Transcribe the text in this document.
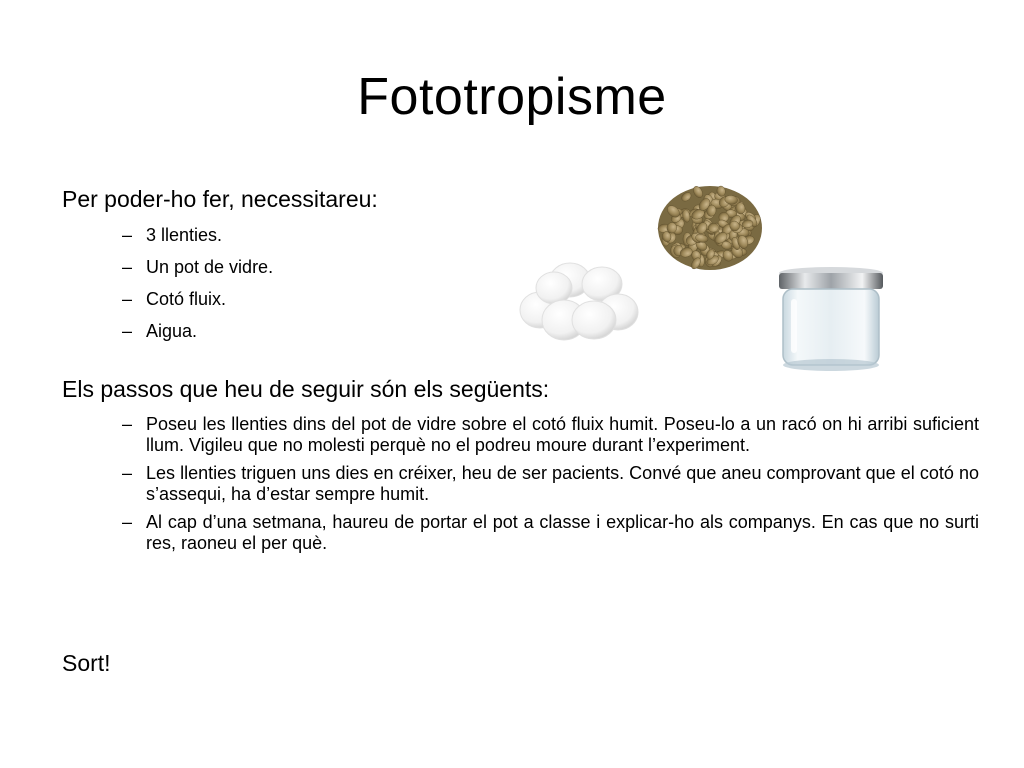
Fototropisme
Per poder-ho fer, necessitareu:
– 3 llenties.
– Un pot de vidre.
– Cotó fluix.
– Aigua.
Els passos que heu de seguir són els següents:
– Poseu les llenties dins del pot de vidre sobre el cotó fluix humit. Poseu-lo a un racó on hi arribi suficient llum. Vigileu que no molesti perquè no el podreu moure durant l’experiment.
– Les llenties triguen uns dies en créixer, heu de ser pacients. Convé que aneu comprovant que el cotó no s’assequi, ha d’estar sempre humit.
– Al cap d’una setmana, haureu de portar el pot a classe i explicar-ho als companys. En cas que no surti res, raoneu el per què.
Sort!
